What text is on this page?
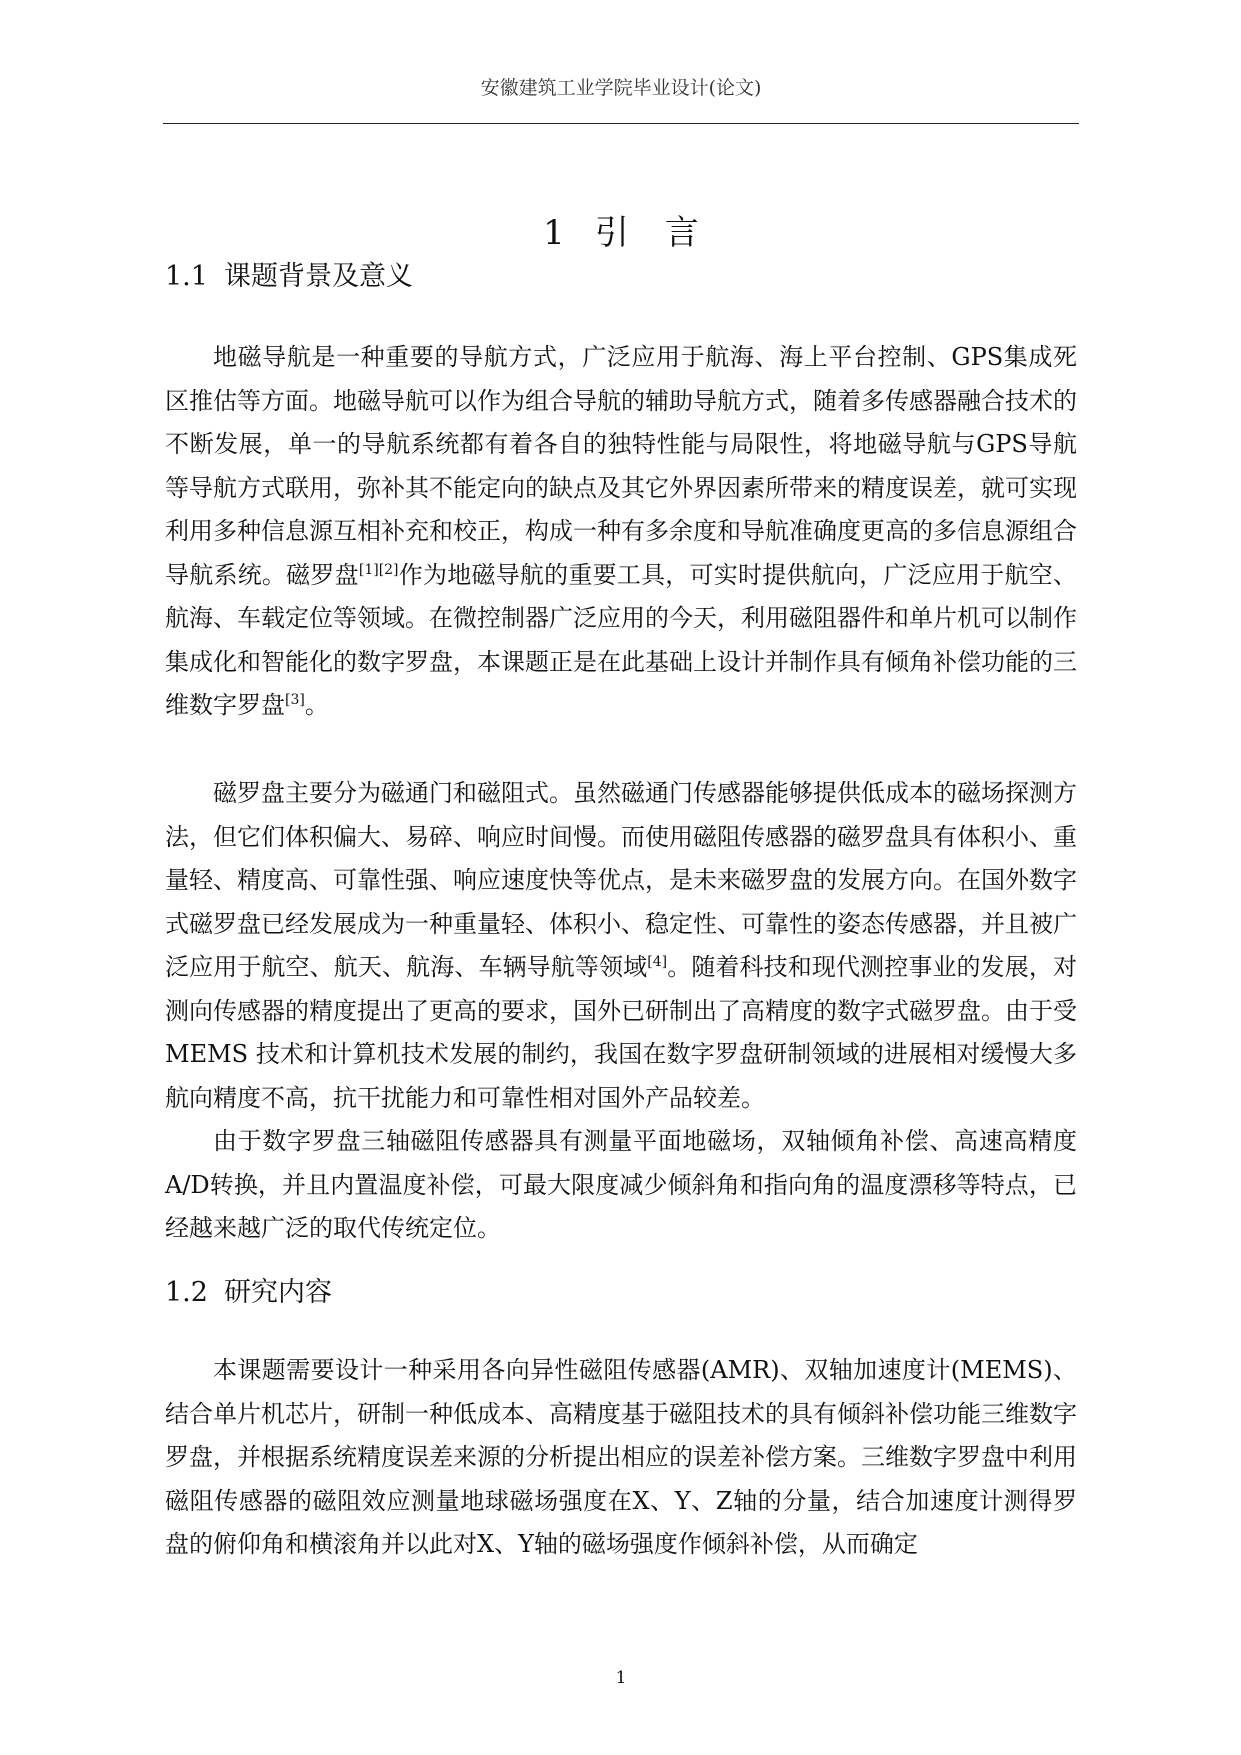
安徽建筑工业学院毕业设计(论文)
1 引言
1.1 课题背景及意义

地磁导航是一种重要的导航方式，广泛应用于航海、海上平台控制、GPS集成死区推估等方面。地磁导航可以作为组合导航的辅助导航方式，随着多传感器融合技术的不断发展，单一的导航系统都有着各自的独特性能与局限性，将地磁导航与GPS导航等导航方式联用，弥补其不能定向的缺点及其它外界因素所带来的精度误差，就可实现利用多种信息源互相补充和校正，构成一种有多余度和导航准确度更高的多信息源组合导航系统。磁罗盘[1][2]作为地磁导航的重要工具，可实时提供航向，广泛应用于航空、航海、车载定位等领域。在微控制器广泛应用的今天，利用磁阻器件和单片机可以制作集成化和智能化的数字罗盘，本课题正是在此基础上设计并制作具有倾角补偿功能的三维数字罗盘[3]。

磁罗盘主要分为磁通门和磁阻式。虽然磁通门传感器能够提供低成本的磁场探测方法，但它们体积偏大、易碎、响应时间慢。而使用磁阻传感器的磁罗盘具有体积小、重量轻、精度高、可靠性强、响应速度快等优点，是未来磁罗盘的发展方向。在国外数字式磁罗盘已经发展成为一种重量轻、体积小、稳定性、可靠性的姿态传感器，并且被广泛应用于航空、航天、航海、车辆导航等领域[4]。随着科技和现代测控事业的发展，对测向传感器的精度提出了更高的要求，国外已研制出了高精度的数字式磁罗盘。由于受MEMS 技术和计算机技术发展的制约，我国在数字罗盘研制领域的进展相对缓慢大多航向精度不高，抗干扰能力和可靠性相对国外产品较差。

由于数字罗盘三轴磁阻传感器具有测量平面地磁场，双轴倾角补偿、高速高精度A/D转换，并且内置温度补偿，可最大限度减少倾斜角和指向角的温度漂移等特点，已经越来越广泛的取代传统定位。

1.2 研究内容

本课题需要设计一种采用各向异性磁阻传感器(AMR)、双轴加速度计(MEMS)、结合单片机芯片，研制一种低成本、高精度基于磁阻技术的具有倾斜补偿功能三维数字罗盘，并根据系统精度误差来源的分析提出相应的误差补偿方案。三维数字罗盘中利用磁阻传感器的磁阻效应测量地球磁场强度在X、Y、Z轴的分量，结合加速度计测得罗盘的俯仰角和横滚角并以此对X、Y轴的磁场强度作倾斜补偿，从而确定

1
